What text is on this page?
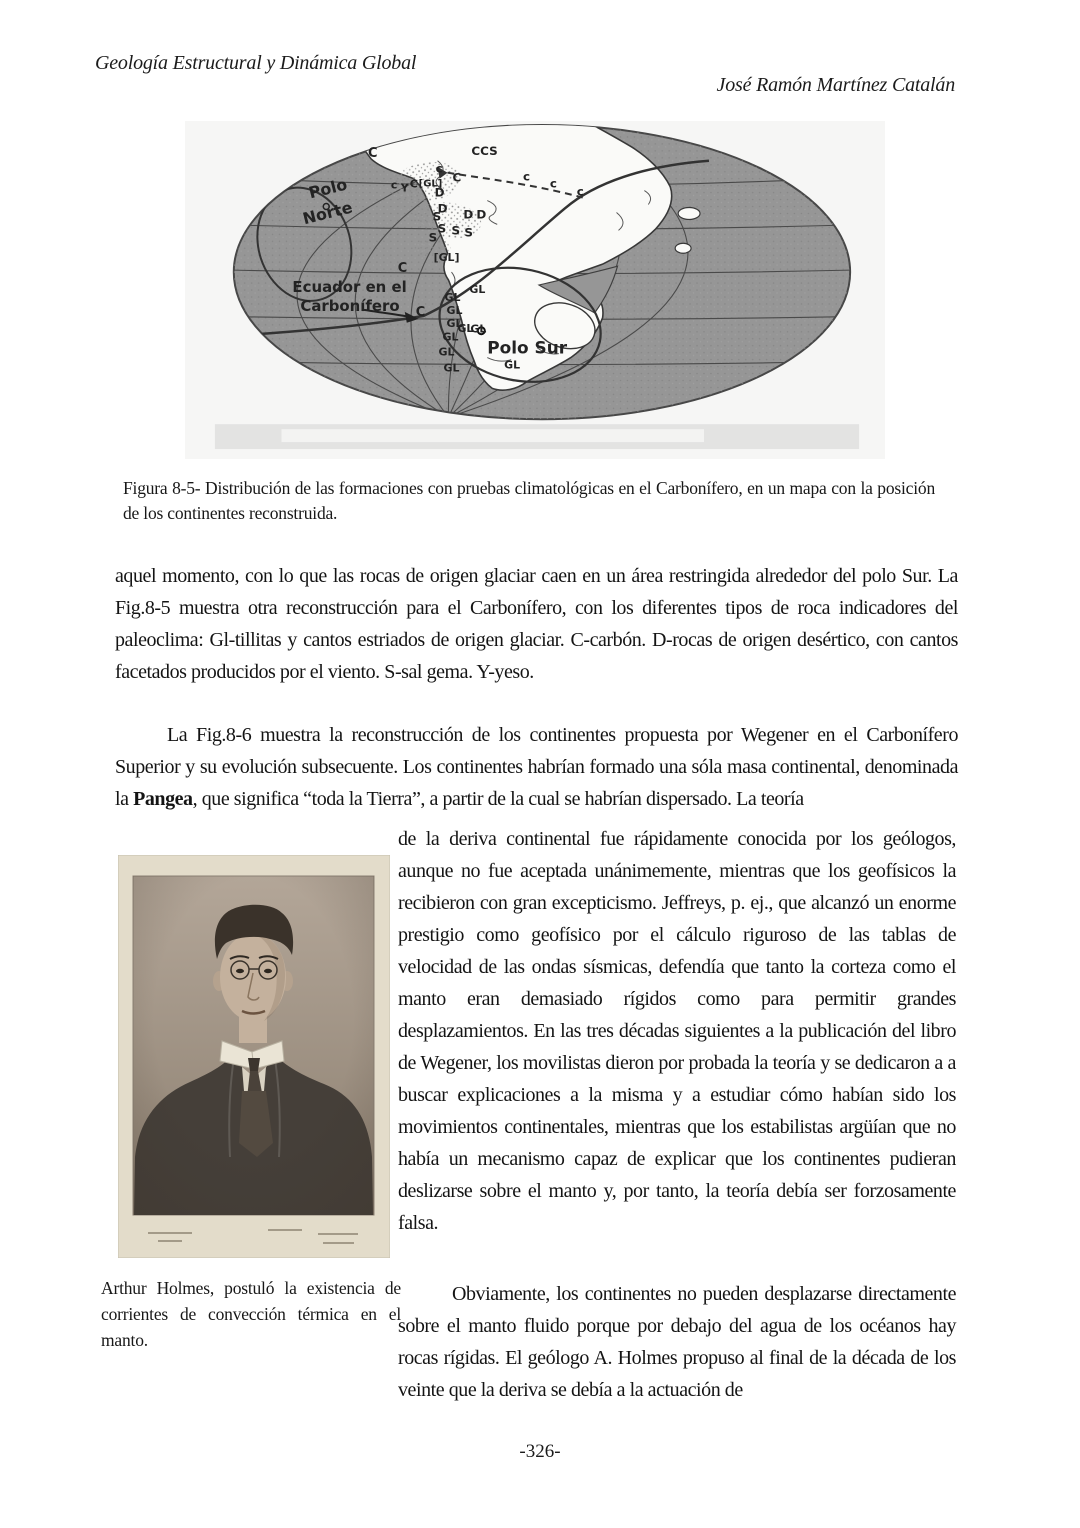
Geología Estructural y Dinámica Global
José Ramón Martínez Catalán
Polo
Norte
Ecuador en el
Carbonífero
Polo Sur
C	CCS
c
C
c Y C [GL]
c c
c
D
D D D
S
S
S S S
[GL]
C
GL
C
GL
GL
GL
GL
GL
GL
GL
GL
GL
Figura 8-5- Distribución de las formaciones con pruebas climatológicas en el Carbonífero, en un mapa con la posición de los continentes reconstruida.

aquel momento, con lo que las rocas de origen glaciar caen en un área restringida alrededor del polo Sur. La Fig.8-5 muestra otra reconstrucción para el Carbonífero, con los diferentes tipos de roca indicadores del paleoclima: Gl-tillitas y cantos estriados de origen glaciar. C-carbón. D-rocas de origen desértico, con cantos facetados producidos por el viento. S-sal gema. Y-yeso.

La Fig.8-6 muestra la reconstrucción de los continentes propuesta por Wegener en el Carbonífero Superior y su evolución subsecuente. Los continentes habrían formado una sóla masa continental, denominada la Pangea, que significa “toda la Tierra”, a partir de la cual se habrían dispersado. La teoría

de la deriva continental fue rápidamente conocida por los geólogos, aunque no fue aceptada unánimemente, mientras que los geofísicos la recibieron con gran excepticismo. Jeffreys, p. ej., que alcanzó un enorme prestigio como geofísico por el cálculo riguroso de las tablas de velocidad de las ondas sísmicas, defendía que tanto la corteza como el manto eran demasiado rígidos como para permitir grandes desplazamientos. En las tres décadas siguientes a la publicación del libro de Wegener, los movilistas dieron por probada la teoría y se dedicaron a a buscar explicaciones a la misma y a estudiar cómo habían sido los movimientos continentales, mientras que los estabilistas argüían que no había un mecanismo capaz de explicar que los continentes pudieran deslizarse sobre el manto y, por tanto, la teoría debía ser forzosamente falsa.

Arthur Holmes, postuló la existencia de corrientes de convección térmica en el manto.

Obviamente, los continentes no pueden desplazarse directamente sobre el manto fluido porque por debajo del agua de los océanos hay rocas rígidas. El geólogo A. Holmes propuso al final de la década de los veinte que la deriva se debía a la actuación de

-326-
